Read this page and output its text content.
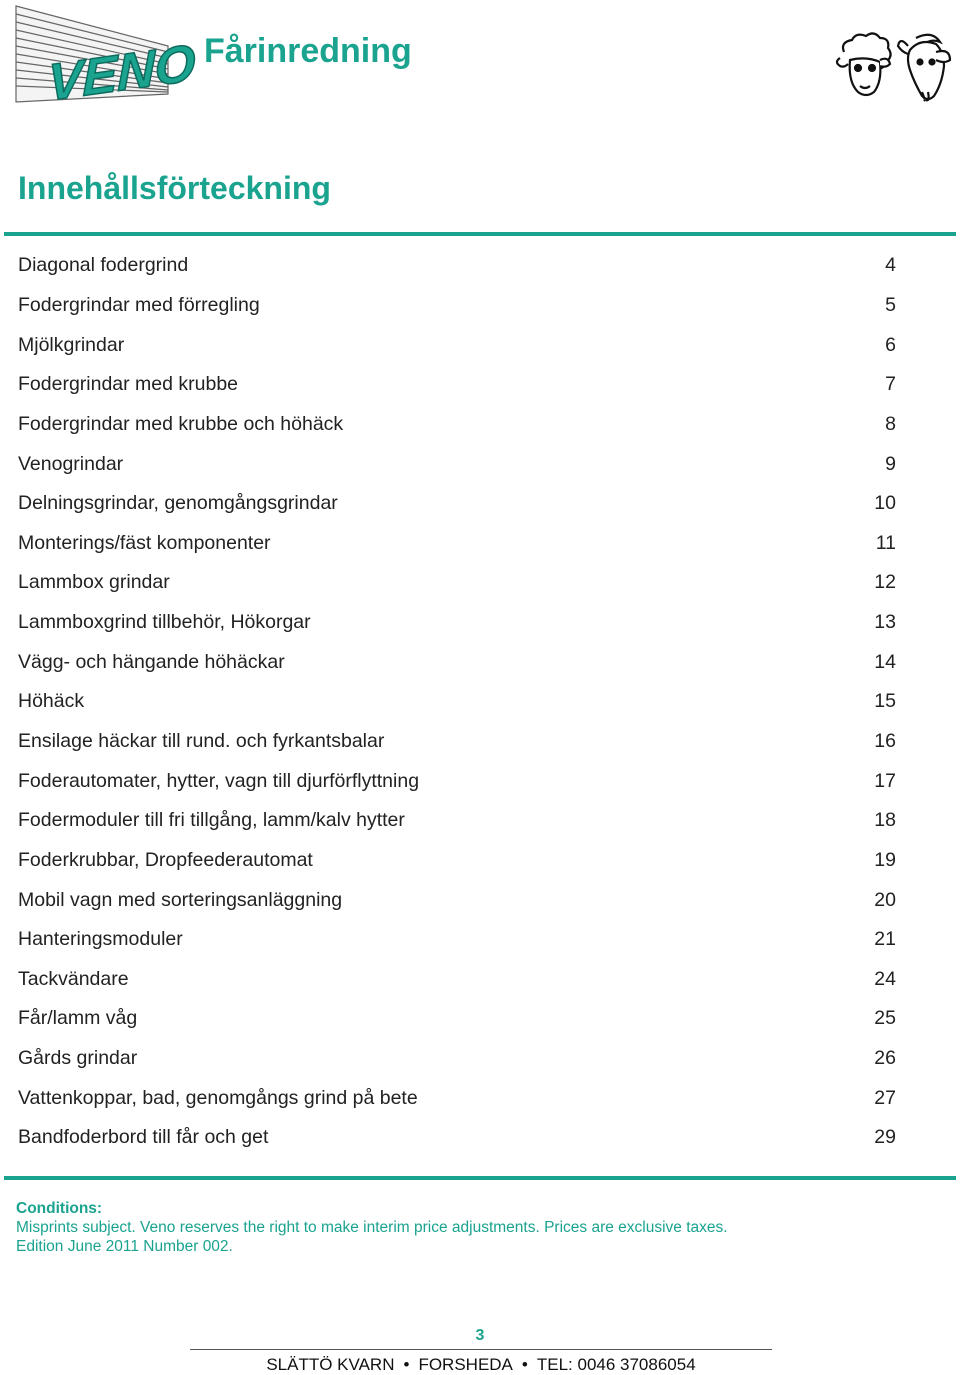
VENO Fårinredning
Innehållsförteckning
Diagonal fodergrind	4
Fodergrindar med förregling	5
Mjölkgrindar	6
Fodergrindar med krubbe	7
Fodergrindar med krubbe och höhäck	8
Venogrindar	9
Delningsgrindar, genomgångsgrindar	10
Monterings/fäst komponenter	11
Lammbox grindar	12
Lammboxgrind tillbehör, Hökorgar	13
Vägg- och hängande höhäckar	14
Höhäck	15
Ensilage häckar till rund. och fyrkantsbalar	16
Foderautomater, hytter, vagn till djurförflyttning	17
Fodermoduler till fri tillgång, lamm/kalv hytter	18
Foderkrubbar, Dropfeederautomat	19
Mobil vagn med sorteringsanläggning	20
Hanteringsmoduler	21
Tackvändare	24
Får/lamm våg	25
Gårds grindar	26
Vattenkoppar, bad, genomgångs grind på bete	27
Bandfoderbord till får och get	29
Conditions:
Misprints subject. Veno reserves the right to make interim price adjustments. Prices are exclusive taxes.
Edition June 2011 Number 002.
3
SLÄTTÖ KVARN • FORSHEDA • TEL: 0046 37086054
